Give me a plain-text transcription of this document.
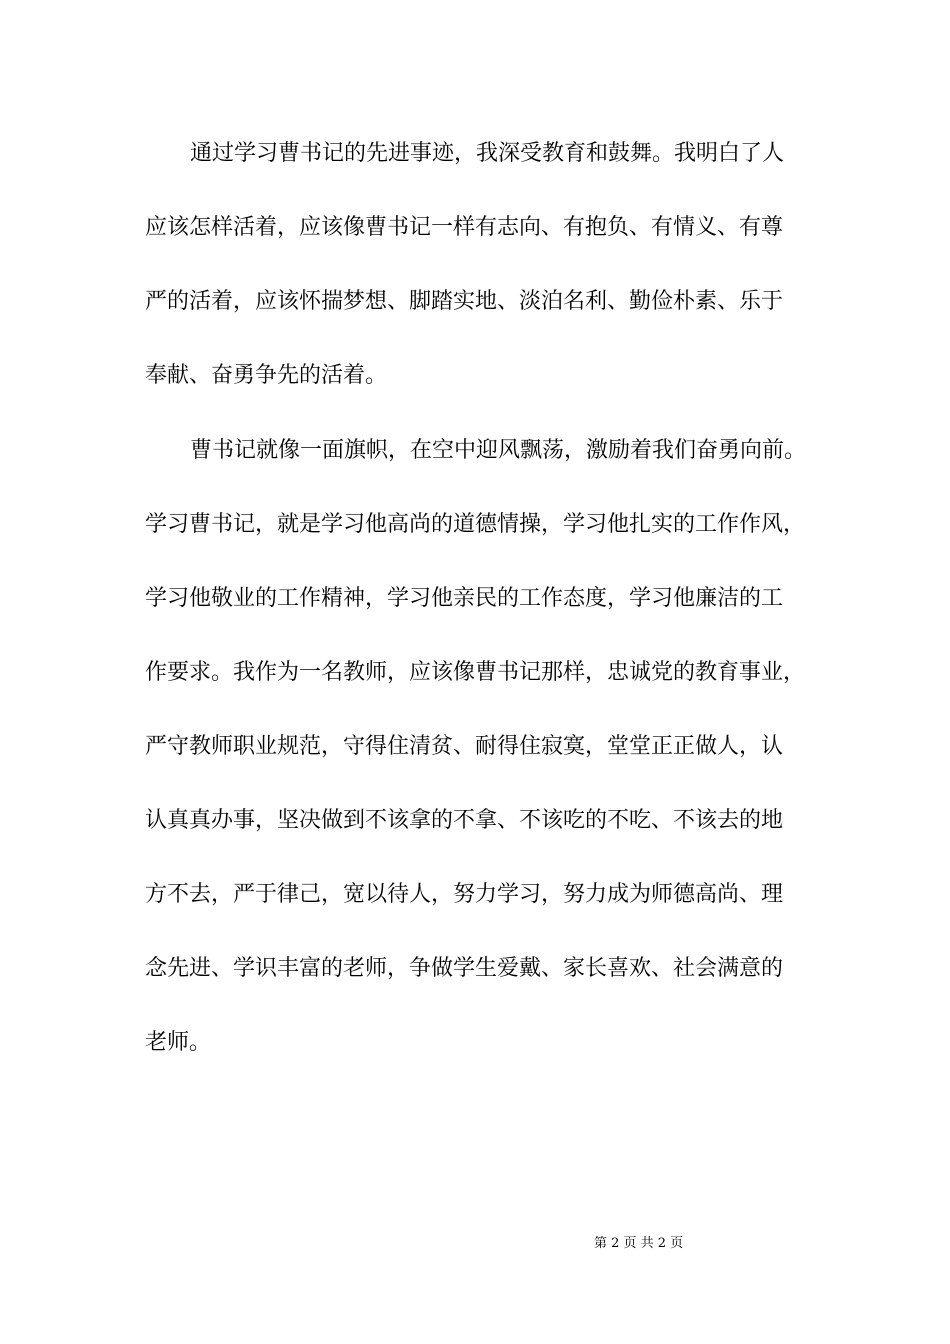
通过学习曹书记的先进事迹，我深受教育和鼓舞。我明白了人
应该怎样活着，应该像曹书记一样有志向、有抱负、有情义、有尊
严的活着，应该怀揣梦想、脚踏实地、淡泊名利、勤俭朴素、乐于
奉献、奋勇争先的活着。
曹书记就像一面旗帜，在空中迎风飘荡，激励着我们奋勇向前。
学习曹书记，就是学习他高尚的道德情操，学习他扎实的工作作风，
学习他敬业的工作精神，学习他亲民的工作态度，学习他廉洁的工
作要求。我作为一名教师，应该像曹书记那样，忠诚党的教育事业，
严守教师职业规范，守得住清贫、耐得住寂寞，堂堂正正做人，认
认真真办事，坚决做到不该拿的不拿、不该吃的不吃、不该去的地
方不去，严于律己，宽以待人，努力学习，努力成为师德高尚、理
念先进、学识丰富的老师，争做学生爱戴、家长喜欢、社会满意的
老师。
第 2 页 共 2 页
